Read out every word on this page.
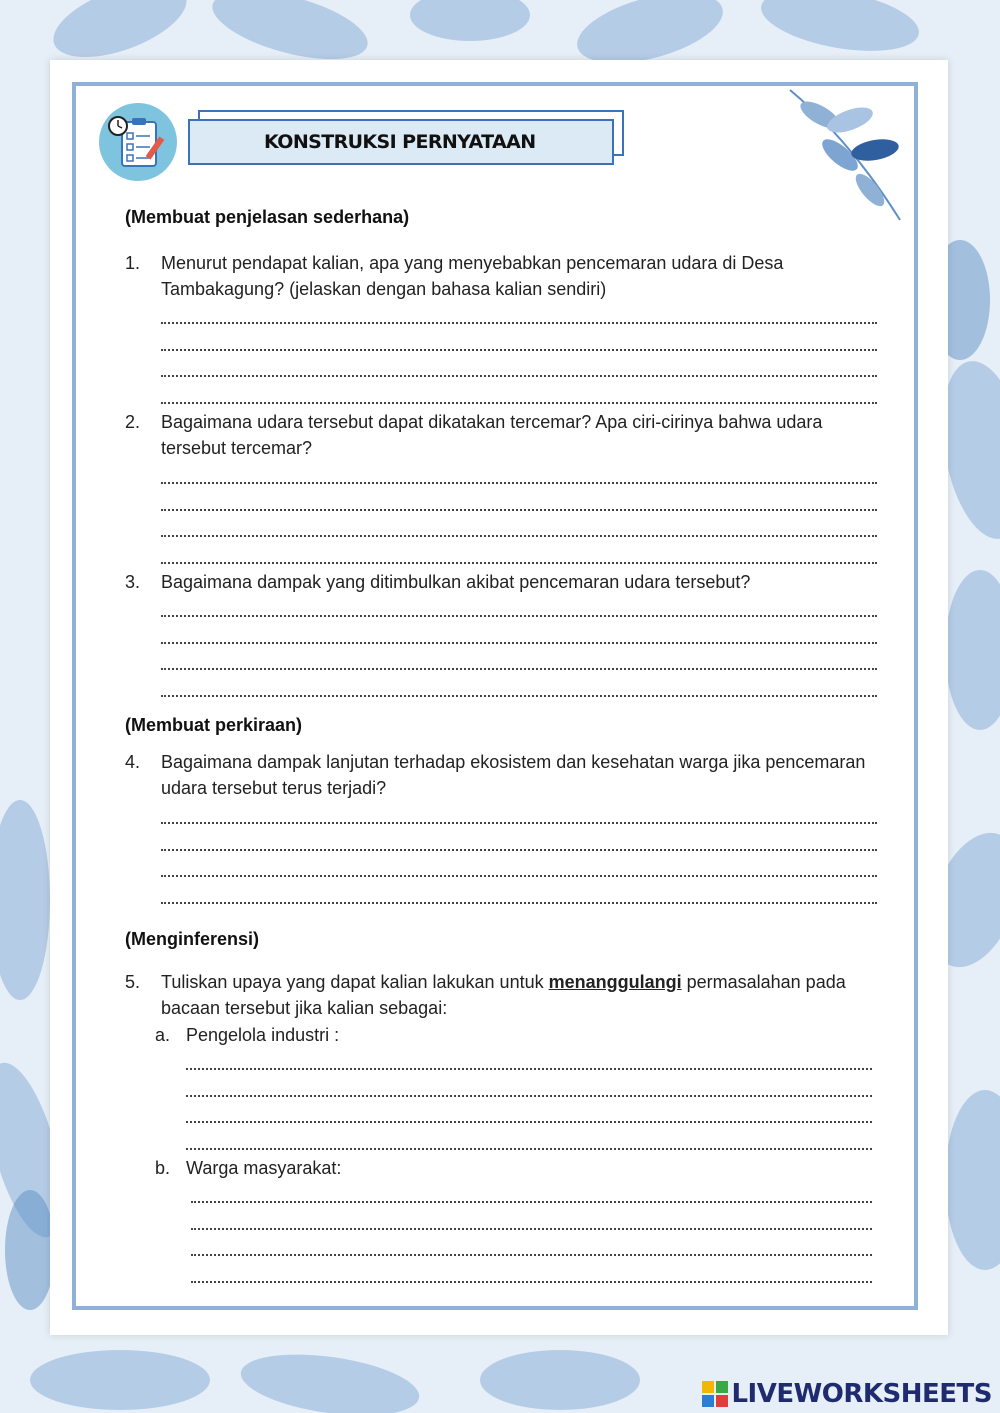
KONSTRUKSI PERNYATAAN
(Membuat penjelasan sederhana)
1. Menurut pendapat kalian, apa yang menyebabkan pencemaran udara di Desa Tambakagung? (jelaskan dengan bahasa kalian sendiri)
2. Bagaimana udara tersebut dapat dikatakan tercemar? Apa ciri-cirinya bahwa udara tersebut tercemar?
3. Bagaimana dampak yang ditimbulkan akibat pencemaran udara tersebut?
(Membuat perkiraan)
4. Bagaimana dampak lanjutan terhadap ekosistem dan kesehatan warga jika pencemaran udara tersebut terus terjadi?
(Menginferensi)
5. Tuliskan upaya yang dapat kalian lakukan untuk menanggulangi permasalahan pada bacaan tersebut jika kalian sebagai:
a. Pengelola industri :
b. Warga masyarakat:
LIVEWORKSHEETS
